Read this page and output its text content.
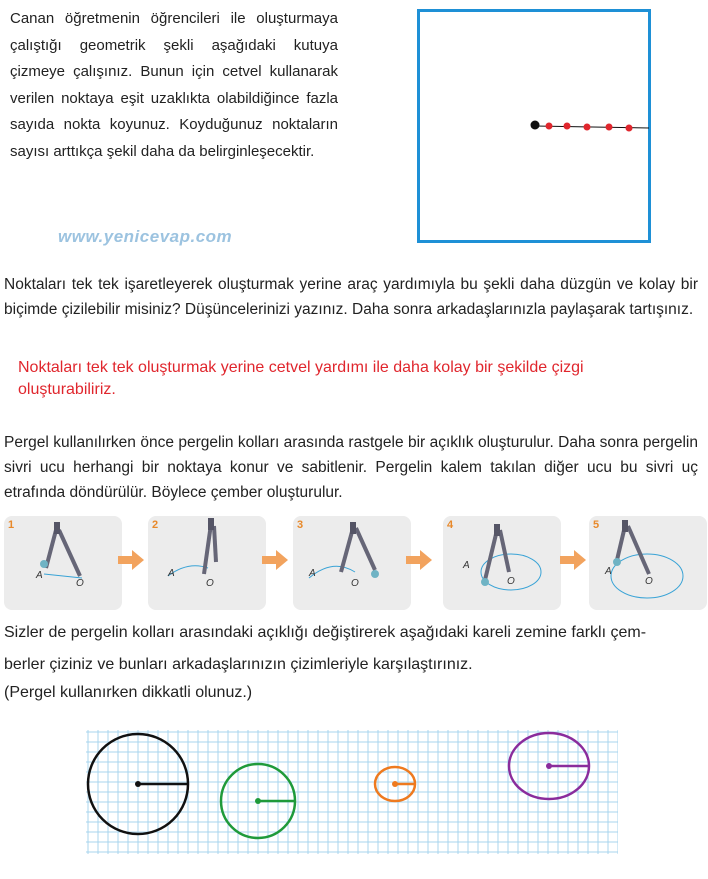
Canan öğretmenin öğrencileri ile oluşturmaya çalıştığı geometrik şekli aşağıdaki kutuya çizmeye çalışınız. Bunun için cetvel kullanarak verilen noktaya eşit uzaklıkta olabildiğince fazla sayıda nokta koyunuz. Koyduğunuz noktaların sayısı arttıkça şekil daha da belirginleşecektir.
www.yenicevap.com
Noktaları tek tek işaretleyerek oluşturmak yerine araç yardımıyla bu şekli daha düzgün ve kolay bir biçimde çizilebilir misiniz? Düşüncelerinizi yazınız. Daha sonra arkadaşlarınızla paylaşarak tartışınız.
Noktaları tek tek oluşturmak yerine cetvel yardımı ile daha kolay bir şekilde çizgi oluşturabiliriz.
Pergel kullanılırken önce pergelin kolları arasında rastgele bir açıklık oluşturulur. Daha sonra pergelin sivri ucu herhangi bir noktaya konur ve sabitlenir. Pergelin kalem takılan diğer ucu bu sivri uç etrafında döndürülür. Böylece çember oluşturulur.
1
A
O
2
A
O
3
A
O
4
A
O
5
A
O
Sizler de pergelin kolları arasındaki açıklığı değiştirerek aşağıdaki kareli zemine farklı çem-
berler çiziniz ve bunları arkadaşlarınızın çizimleriyle karşılaştırınız.
(Pergel kullanırken dikkatli olunuz.)
